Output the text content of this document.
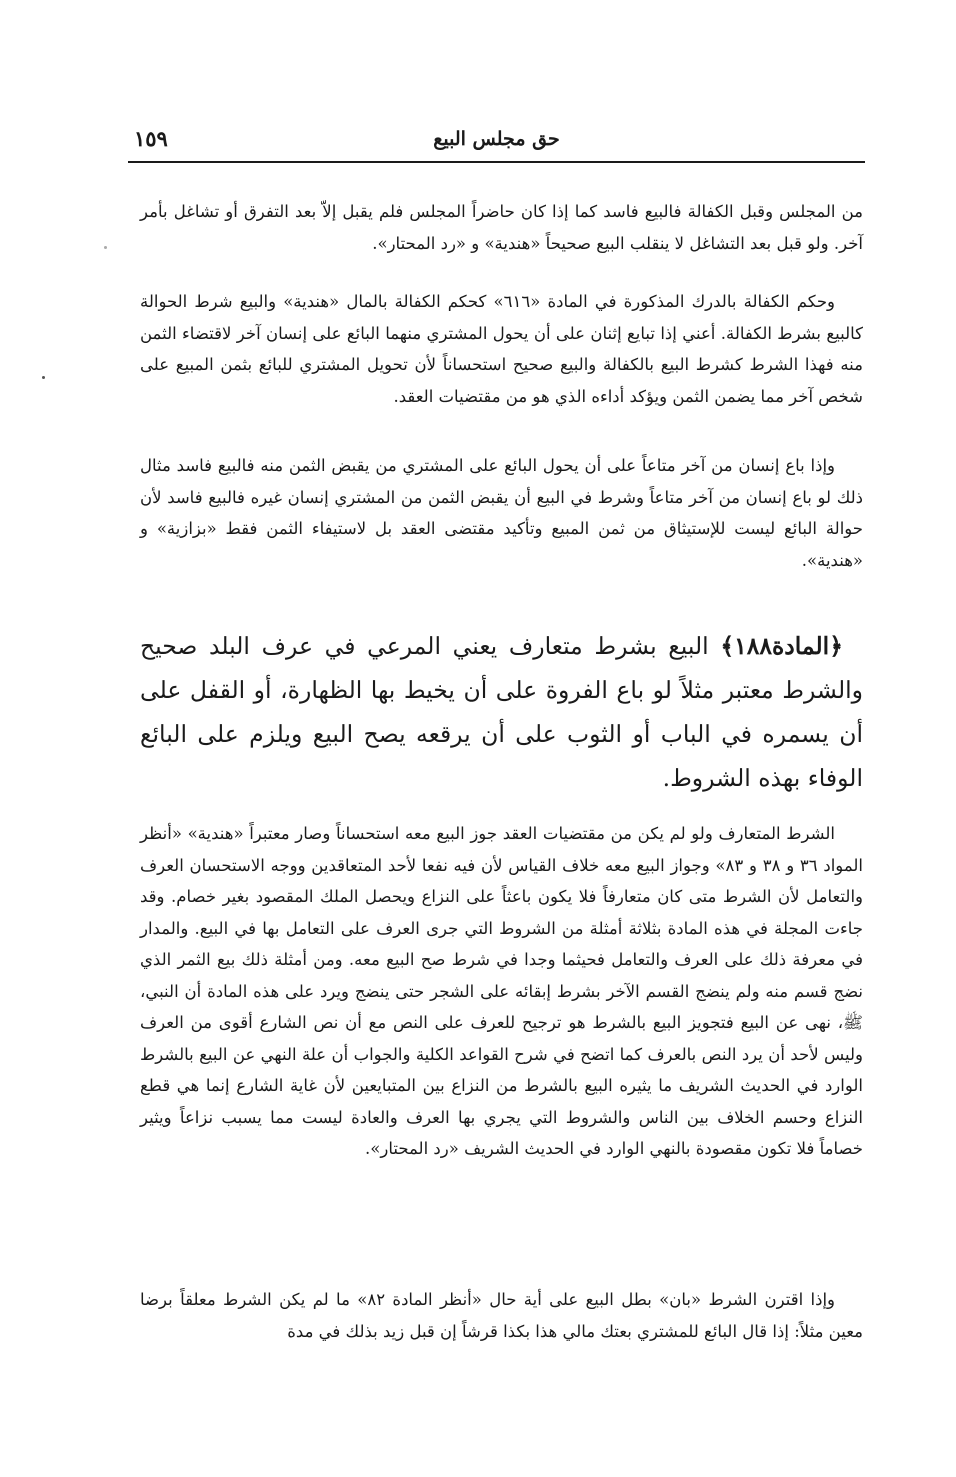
١٥٩	حق مجلس البيع

من المجلس وقبل الكفالة فالبيع فاسد كما إذا كان حاضراً المجلس فلم يقبل إلاّ بعد التفرق أو تشاغل بأمر آخر. ولو قبل بعد التشاغل لا ينقلب البيع صحيحاً «هندية» و «رد المحتار».

وحكم الكفالة بالدرك المذكورة في المادة «٦١٦» كحكم الكفالة بالمال «هندية» والبيع شرط الحوالة كالبيع بشرط الكفالة. أعني إذا تبايع إثنان على أن يحول المشتري منهما البائع على إنسان آخر لاقتضاء الثمن منه فهذا الشرط كشرط البيع بالكفالة والبيع صحيح استحساناً لأن تحويل المشتري للبائع بثمن المبيع على شخص آخر مما يضمن الثمن ويؤكد أداءه الذي هو من مقتضيات العقد.

وإذا باع إنسان من آخر متاعاً على أن يحول البائع على المشتري من يقبض الثمن منه فالبيع فاسد مثال ذلك لو باع إنسان من آخر متاعاً وشرط في البيع أن يقبض الثمن من المشتري إنسان غيره فالبيع فاسد لأن حوالة البائع ليست للإستيثاق من ثمن المبيع وتأكيد مقتضى العقد بل لاستيفاء الثمن فقط «بزازية» و «هندية».

﴿المادة١٨٨﴾ البيع بشرط متعارف يعني المرعي في عرف البلد صحيح والشرط معتبر مثلاً لو باع الفروة على أن يخيط بها الظهارة، أو القفل على أن يسمره في الباب أو الثوب على أن يرقعه يصح البيع ويلزم على البائع الوفاء بهذه الشروط.

الشرط المتعارف ولو لم يكن من مقتضيات العقد جوز البيع معه استحساناً وصار معتبراً «هندية» «أنظر المواد ٣٦ و ٣٨ و ٨٣» وجواز البيع معه خلاف القياس لأن فيه نفعا لأحد المتعاقدين ووجه الاستحسان العرف والتعامل لأن الشرط متى كان متعارفاً فلا يكون باعثاً على النزاع ويحصل الملك المقصود بغير خصام. وقد جاءت المجلة في هذه المادة بثلاثة أمثلة من الشروط التي جرى العرف على التعامل بها في البيع. والمدار في معرفة ذلك على العرف والتعامل فحيثما وجدا في شرط صح البيع معه. ومن أمثلة ذلك بيع الثمر الذي نضج قسم منه ولم ينضج القسم الآخر بشرط إبقائه على الشجر حتى ينضج ويرد على هذه المادة أن النبي، ﷺ، نهى عن البيع فتجويز البيع بالشرط هو ترجيح للعرف على النص مع أن نص الشارع أقوى من العرف وليس لأحد أن يرد النص بالعرف كما اتضح في شرح القواعد الكلية والجواب أن علة النهي عن البيع بالشرط الوارد في الحديث الشريف ما يثيره البيع بالشرط من النزاع بين المتبايعين لأن غاية الشارع إنما هي قطع النزاع وحسم الخلاف بين الناس والشروط التي يجري بها العرف والعادة ليست مما يسبب نزاعاً ويثير خصاماً فلا تكون مقصودة بالنهي الوارد في الحديث الشريف «رد المحتار».

وإذا اقترن الشرط «بان» بطل البيع على أية حال «أنظر المادة ٨٢» ما لم يكن الشرط معلقاً برضا معين مثلاً: إذا قال البائع للمشتري بعتك مالي هذا بكذا قرشاً إن قبل زيد بذلك في مدة
